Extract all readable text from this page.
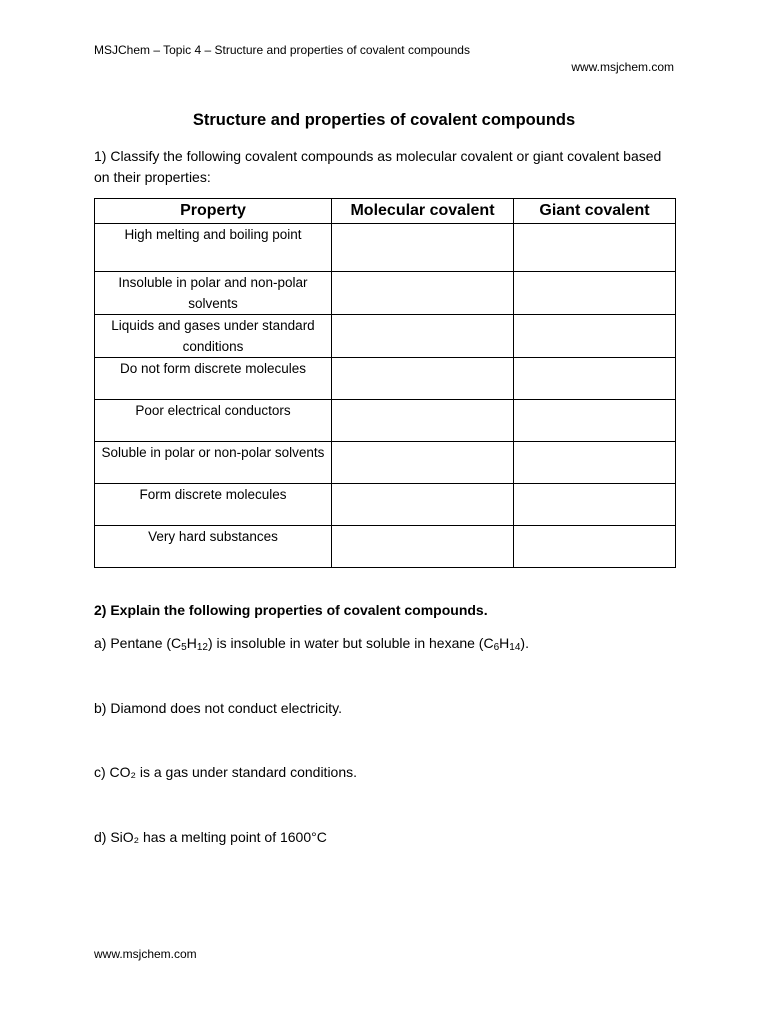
MSJChem – Topic 4 – Structure and properties of covalent compounds
www.msjchem.com
Structure and properties of covalent compounds
1) Classify the following covalent compounds as molecular covalent or giant covalent based on their properties:
Property	Molecular covalent	Giant covalent
High melting and boiling point		
Insoluble in polar and non-polar solvents		
Liquids and gases under standard conditions		
Do not form discrete molecules		
Poor electrical conductors		
Soluble in polar or non-polar solvents		
Form discrete molecules		
Very hard substances		
2) Explain the following properties of covalent compounds.
a) Pentane $(C_5H_{12})$ is insoluble in water but soluble in hexane $(C_6H_{14})$.
b) Diamond does not conduct electricity.
c) CO₂ is a gas under standard conditions.
d) SiO₂ has a melting point of 1600°C
www.msjchem.com
